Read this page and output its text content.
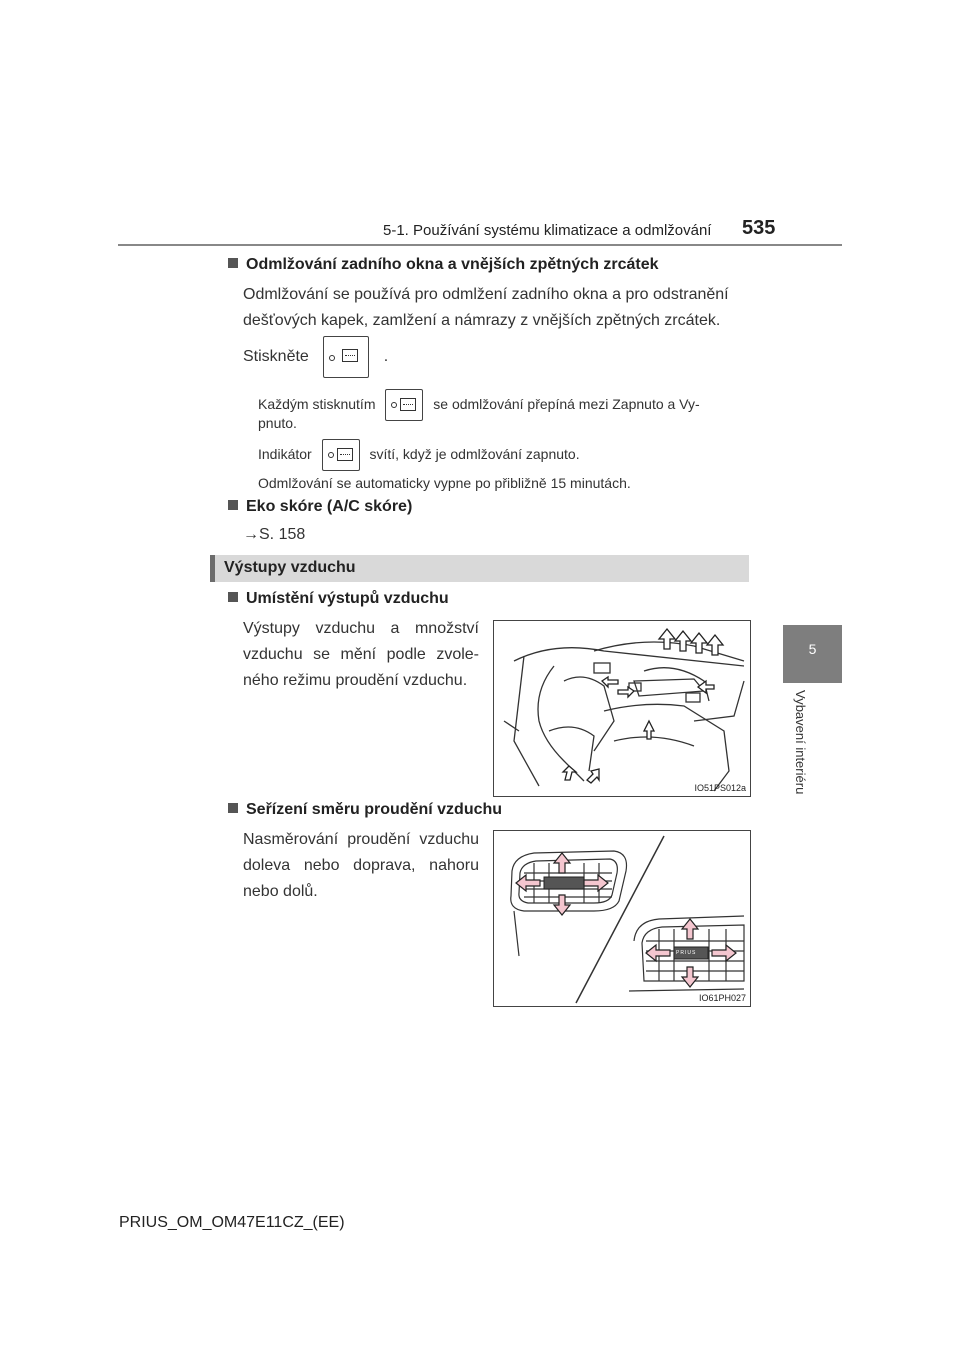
5-1. Používání systému klimatizace a odmlžování 535
5
Vybavení interiéru
Odmlžování zadního okna a vnějších zpětných zrcátek
Odmlžování se používá pro odmlžení zadního okna a pro odstranění dešťových kapek, zamlžení a námrazy z vnějších zpětných zrcátek.
Stiskněte	.
Každým stisknutím	se odmlžování přepíná mezi Zapnuto a Vy-
pnuto.
Indikátor	svítí, když je odmlžování zapnuto.
Odmlžování se automaticky vypne po přibližně 15 minutách.
Eko skóre (A/C skóre)
→S. 158
Výstupy vzduchu
Umístění výstupů vzduchu
Výstupy vzduchu a množství
vzduchu se mění podle zvole-
ného režimu proudění vzduchu.
IO51PS012a
Seřízení směru proudění vzduchu
Nasměrování proudění vzduchu
doleva nebo doprava, nahoru
nebo dolů.
PRIUS
IO61PH027
PRIUS_OM_OM47E11CZ_(EE)
